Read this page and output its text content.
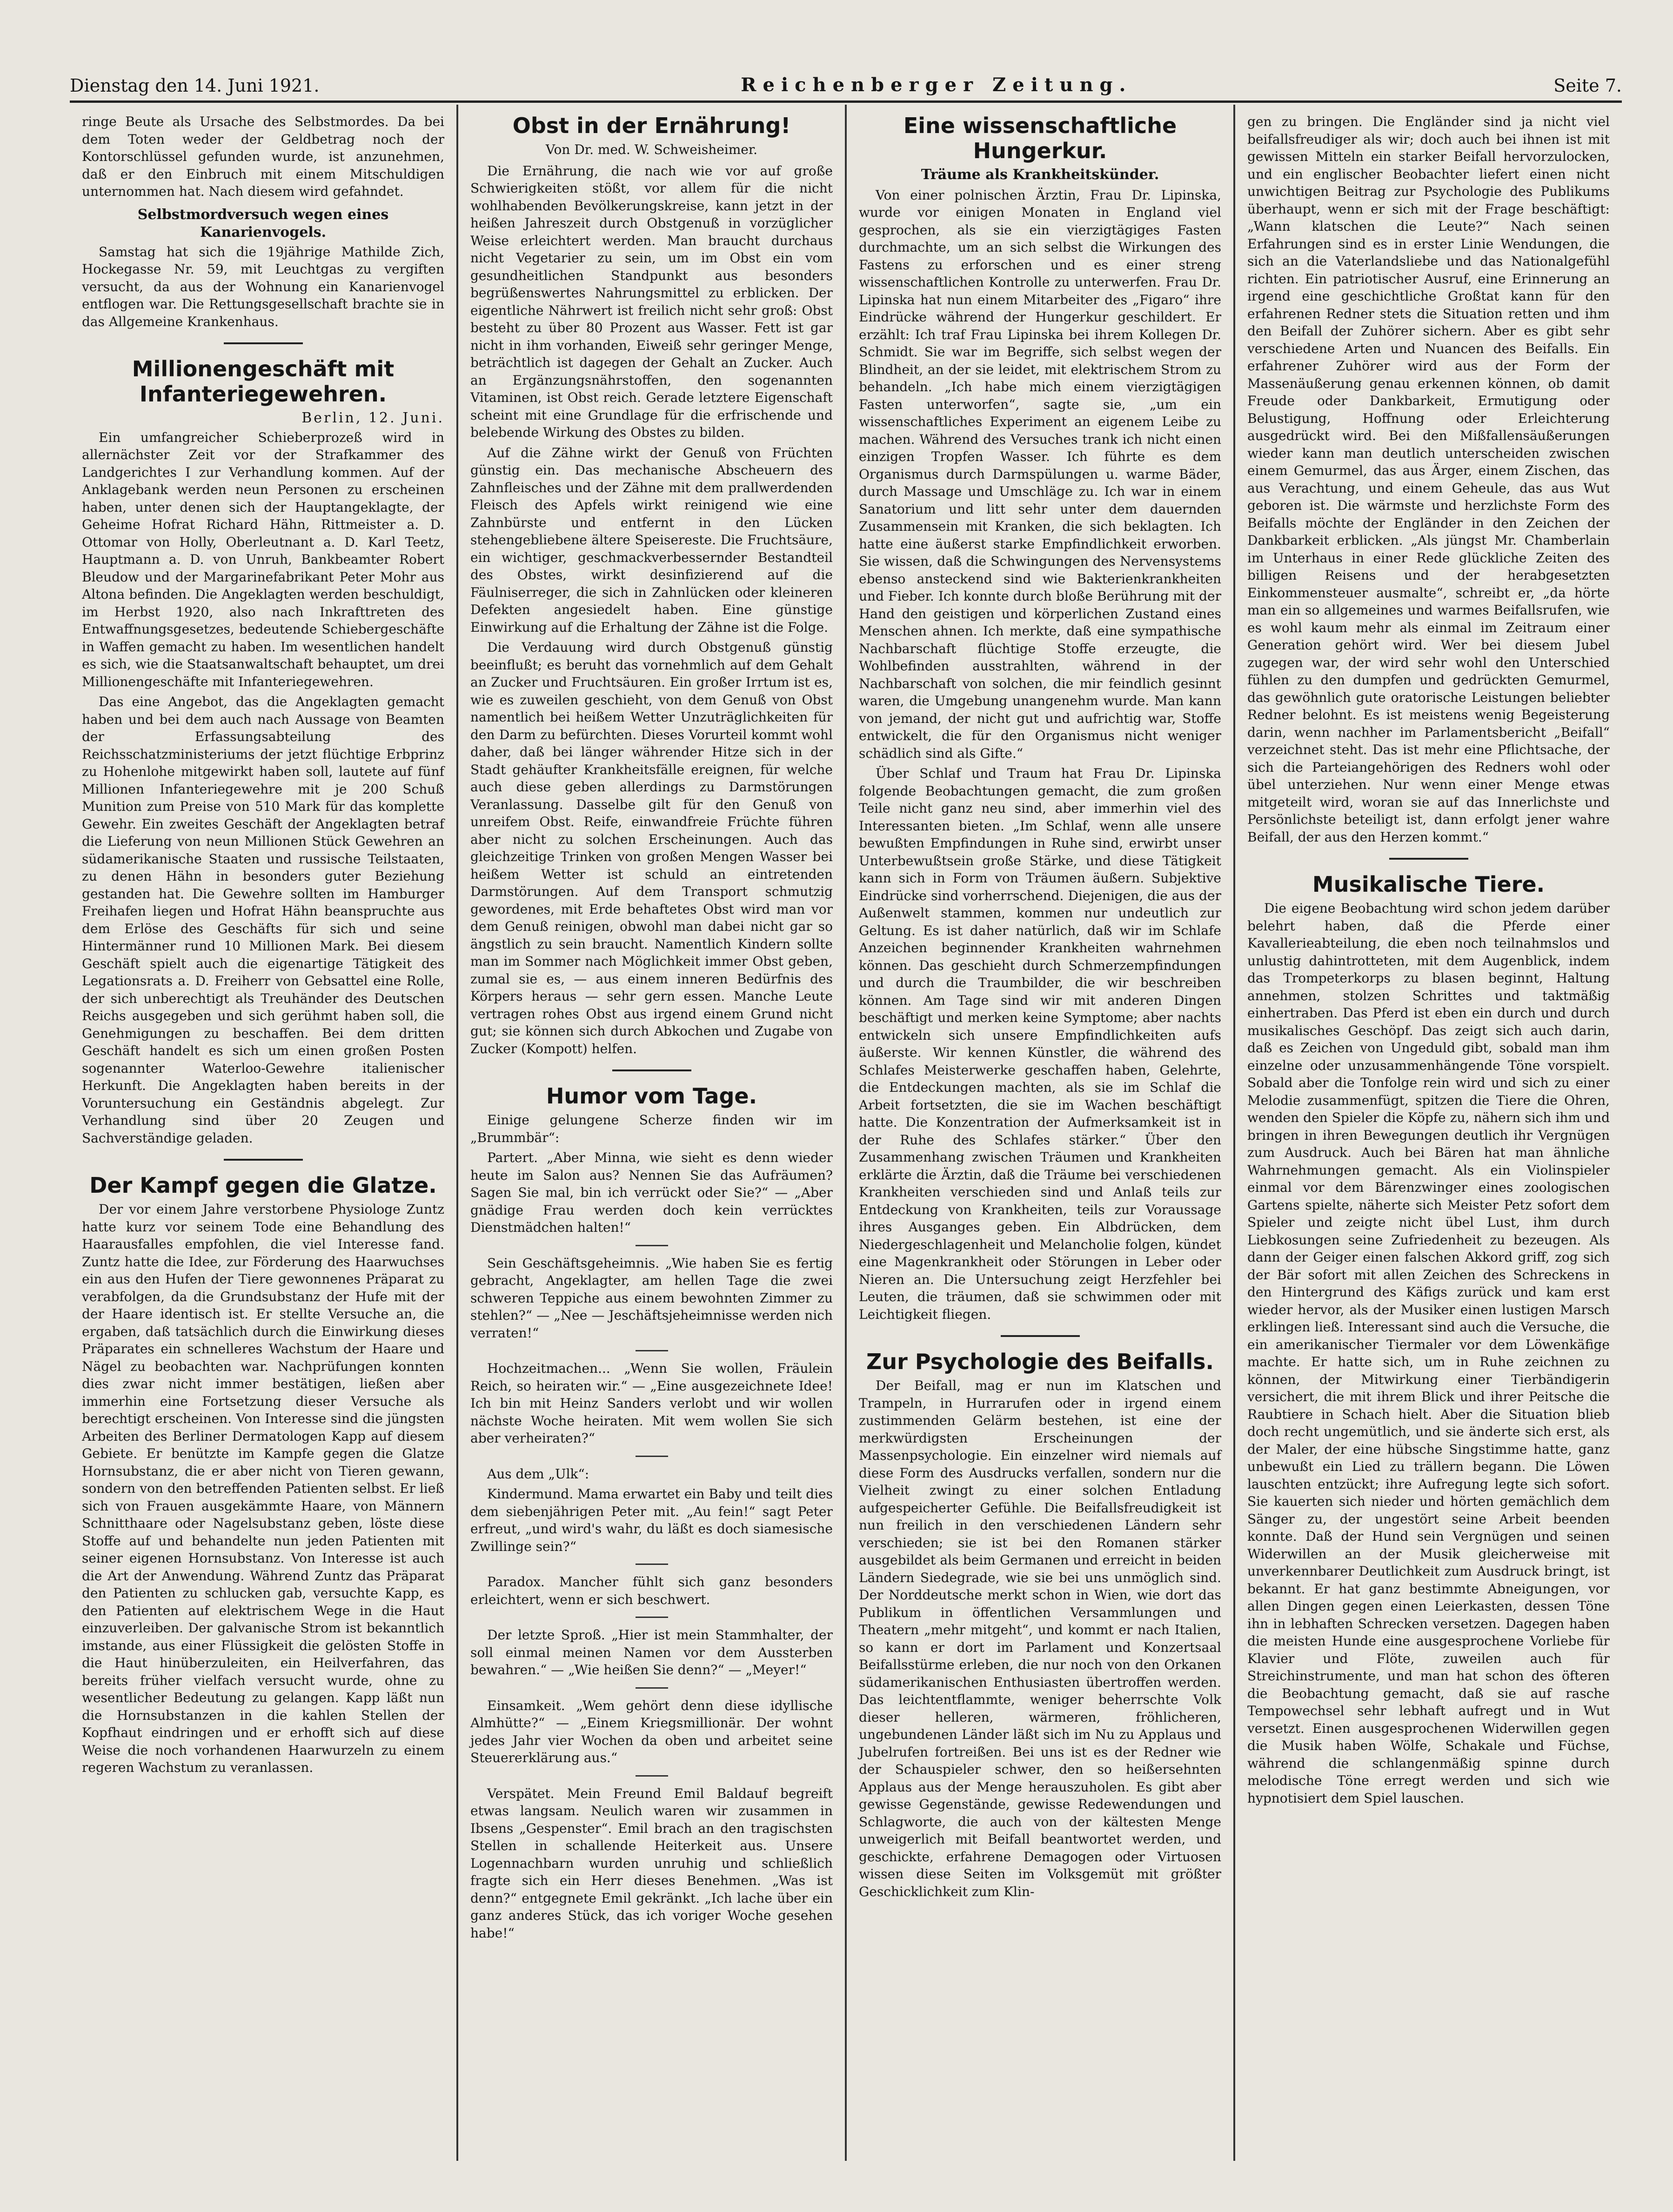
Dienstag den 14. Juni 1921.	Reichenberger Zeitung.	Seite 7.

ringe Beute als Ursache des Selbstmordes. Da bei dem Toten weder der Geldbetrag noch der Kontorschlüssel gefunden wurde, ist anzunehmen, daß er den Einbruch mit einem Mitschuldigen unternommen hat. Nach diesem wird gefahndet.

Selbstmordversuch wegen eines Kanarienvogels.

Samstag hat sich die 19jährige Mathilde Zich, Hockegasse Nr. 59, mit Leuchtgas zu vergiften versucht, da aus der Wohnung ein Kanarienvogel entflogen war. Die Rettungsgesellschaft brachte sie in das Allgemeine Krankenhaus.

Millionengeschäft mit Infanteriegewehren.
Berlin, 12. Juni.

Ein umfangreicher Schieberprozeß wird in allernächster Zeit vor der Strafkammer des Landgerichtes I zur Verhandlung kommen. Auf der Anklagebank werden neun Personen zu erscheinen haben, unter denen sich der Hauptangeklagte, der Geheime Hofrat Richard Hähn, Rittmeister a. D. Ottomar von Holly, Oberleutnant a. D. Karl Teetz, Hauptmann a. D. von Unruh, Bankbeamter Robert Bleudow und der Margarinefabrikant Peter Mohr aus Altona befinden. Die Angeklagten werden beschuldigt, im Herbst 1920, also nach Inkrafttreten des Entwaffnungsgesetzes, bedeutende Schiebergeschäfte in Waffen gemacht zu haben. Im wesentlichen handelt es sich, wie die Staatsanwaltschaft behauptet, um drei Millionengeschäfte mit Infanteriegewehren.

Das eine Angebot, das die Angeklagten gemacht haben und bei dem auch nach Aussage von Beamten der Erfassungsabteilung des Reichsschatzministeriums der jetzt flüchtige Erbprinz zu Hohenlohe mitgewirkt haben soll, lautete auf fünf Millionen Infanteriegewehre mit je 200 Schuß Munition zum Preise von 510 Mark für das komplette Gewehr. Ein zweites Geschäft der Angeklagten betraf die Lieferung von neun Millionen Stück Gewehren an südamerikanische Staaten und russische Teilstaaten, zu denen Hähn in besonders guter Beziehung gestanden hat. Die Gewehre sollten im Hamburger Freihafen liegen und Hofrat Hähn beanspruchte aus dem Erlöse des Geschäfts für sich und seine Hintermänner rund 10 Millionen Mark. Bei diesem Geschäft spielt auch die eigenartige Tätigkeit des Legationsrats a. D. Freiherr von Gebsattel eine Rolle, der sich unberechtigt als Treuhänder des Deutschen Reichs ausgegeben und sich gerühmt haben soll, die Genehmigungen zu beschaffen. Bei dem dritten Geschäft handelt es sich um einen großen Posten sogenannter Waterloo-Gewehre italienischer Herkunft. Die Angeklagten haben bereits in der Voruntersuchung ein Geständnis abgelegt. Zur Verhandlung sind über 20 Zeugen und Sachverständige geladen.

Der Kampf gegen die Glatze.

Der vor einem Jahre verstorbene Physiologe Zuntz hatte kurz vor seinem Tode eine Behandlung des Haarausfalles empfohlen, die viel Interesse fand. Zuntz hatte die Idee, zur Förderung des Haarwuchses ein aus den Hufen der Tiere gewonnenes Präparat zu verabfolgen, da die Grundsubstanz der Hufe mit der der Haare identisch ist. Er stellte Versuche an, die ergaben, daß tatsächlich durch die Einwirkung dieses Präparates ein schnelleres Wachstum der Haare und Nägel zu beobachten war. Nachprüfungen konnten dies zwar nicht immer bestätigen, ließen aber immerhin eine Fortsetzung dieser Versuche als berechtigt erscheinen. Von Interesse sind die jüngsten Arbeiten des Berliner Dermatologen Kapp auf diesem Gebiete. Er benützte im Kampfe gegen die Glatze Hornsubstanz, die er aber nicht von Tieren gewann, sondern von den betreffenden Patienten selbst. Er ließ sich von Frauen ausgekämmte Haare, von Männern Schnitthaare oder Nagelsubstanz geben, löste diese Stoffe auf und behandelte nun jeden Patienten mit seiner eigenen Hornsubstanz. Von Interesse ist auch die Art der Anwendung. Während Zuntz das Präparat den Patienten zu schlucken gab, versuchte Kapp, es den Patienten auf elektrischem Wege in die Haut einzuverleiben. Der galvanische Strom ist bekanntlich imstande, aus einer Flüssigkeit die gelösten Stoffe in die Haut hinüberzuleiten, ein Heilverfahren, das bereits früher vielfach versucht wurde, ohne zu wesentlicher Bedeutung zu gelangen. Kapp läßt nun die Hornsubstanzen in die kahlen Stellen der Kopfhaut eindringen und er erhofft sich auf diese Weise die noch vorhandenen Haarwurzeln zu einem regeren Wachstum zu veranlassen.

Obst in der Ernährung!
Von Dr. med. W. Schweisheimer.

Die Ernährung, die nach wie vor auf große Schwierigkeiten stößt, vor allem für die nicht wohlhabenden Bevölkerungskreise, kann jetzt in der heißen Jahreszeit durch Obstgenuß in vorzüglicher Weise erleichtert werden. Man braucht durchaus nicht Vegetarier zu sein, um im Obst ein vom gesundheitlichen Standpunkt aus besonders begrüßenswertes Nahrungsmittel zu erblicken. Der eigentliche Nährwert ist freilich nicht sehr groß: Obst besteht zu über 80 Prozent aus Wasser. Fett ist gar nicht in ihm vorhanden, Eiweiß sehr geringer Menge, beträchtlich ist dagegen der Gehalt an Zucker. Auch an Ergänzungsnährstoffen, den sogenannten Vitaminen, ist Obst reich. Gerade letztere Eigenschaft scheint mit eine Grundlage für die erfrischende und belebende Wirkung des Obstes zu bilden.

Auf die Zähne wirkt der Genuß von Früchten günstig ein. Das mechanische Abscheuern des Zahnfleisches und der Zähne mit dem prallwerdenden Fleisch des Apfels wirkt reinigend wie eine Zahnbürste und entfernt in den Lücken stehengebliebene ältere Speisereste. Die Fruchtsäure, ein wichtiger, geschmackverbessernder Bestandteil des Obstes, wirkt desinfizierend auf die Fäulniserreger, die sich in Zahnlücken oder kleineren Defekten angesiedelt haben. Eine günstige Einwirkung auf die Erhaltung der Zähne ist die Folge.

Die Verdauung wird durch Obstgenuß günstig beeinflußt; es beruht das vornehmlich auf dem Gehalt an Zucker und Fruchtsäuren. Ein großer Irrtum ist es, wie es zuweilen geschieht, von dem Genuß von Obst namentlich bei heißem Wetter Unzuträglichkeiten für den Darm zu befürchten. Dieses Vorurteil kommt wohl daher, daß bei länger währender Hitze sich in der Stadt gehäufter Krankheitsfälle ereignen, für welche auch diese geben allerdings zu Darmstörungen Veranlassung. Dasselbe gilt für den Genuß von unreifem Obst. Reife, einwandfreie Früchte führen aber nicht zu solchen Erscheinungen. Auch das gleichzeitige Trinken von großen Mengen Wasser bei heißem Wetter ist schuld an eintretenden Darmstörungen. Auf dem Transport schmutzig gewordenes, mit Erde behaftetes Obst wird man vor dem Genuß reinigen, obwohl man dabei nicht gar so ängstlich zu sein braucht. Namentlich Kindern sollte man im Sommer nach Möglichkeit immer Obst geben, zumal sie es, — aus einem inneren Bedürfnis des Körpers heraus — sehr gern essen. Manche Leute vertragen rohes Obst aus irgend einem Grund nicht gut; sie können sich durch Abkochen und Zugabe von Zucker (Kompott) helfen.

Humor vom Tage.

Einige gelungene Scherze finden wir im „Brummbär“:

Partert. „Aber Minna, wie sieht es denn wieder heute im Salon aus? Nennen Sie das Aufräumen? Sagen Sie mal, bin ich verrückt oder Sie?“ — „Aber gnädige Frau werden doch kein verrücktes Dienstmädchen halten!“

Sein Geschäftsgeheimnis. „Wie haben Sie es fertig gebracht, Angeklagter, am hellen Tage die zwei schweren Teppiche aus einem bewohnten Zimmer zu stehlen?“ — „Nee — Jeschäftsjeheimnisse werden nich verraten!“

Hochzeitmachen... „Wenn Sie wollen, Fräulein Reich, so heiraten wir.“ — „Eine ausgezeichnete Idee! Ich bin mit Heinz Sanders verlobt und wir wollen nächste Woche heiraten. Mit wem wollen Sie sich aber verheiraten?“

Aus dem „Ulk“:

Kindermund. Mama erwartet ein Baby und teilt dies dem siebenjährigen Peter mit. „Au fein!“ sagt Peter erfreut, „und wird's wahr, du läßt es doch siamesische Zwillinge sein?“

Paradox. Mancher fühlt sich ganz besonders erleichtert, wenn er sich beschwert.

Der letzte Sproß. „Hier ist mein Stammhalter, der soll einmal meinen Namen vor dem Aussterben bewahren.“ — „Wie heißen Sie denn?“ — „Meyer!“

Einsamkeit. „Wem gehört denn diese idyllische Almhütte?“ — „Einem Kriegsmillionär. Der wohnt jedes Jahr vier Wochen da oben und arbeitet seine Steuererklärung aus.“

Verspätet. Mein Freund Emil Baldauf begreift etwas langsam. Neulich waren wir zusammen in Ibsens „Gespenster“. Emil brach an den tragischsten Stellen in schallende Heiterkeit aus. Unsere Logennachbarn wurden unruhig und schließlich fragte sich ein Herr dieses Benehmen. „Was ist denn?“ entgegnete Emil gekränkt. „Ich lache über ein ganz anderes Stück, das ich voriger Woche gesehen habe!“

Eine wissenschaftliche Hungerkur.
Träume als Krankheitskünder.

Von einer polnischen Ärztin, Frau Dr. Lipinska, wurde vor einigen Monaten in England viel gesprochen, als sie ein vierzigtägiges Fasten durchmachte, um an sich selbst die Wirkungen des Fastens zu erforschen und es einer streng wissenschaftlichen Kontrolle zu unterwerfen. Frau Dr. Lipinska hat nun einem Mitarbeiter des „Figaro“ ihre Eindrücke während der Hungerkur geschildert. Er erzählt: Ich traf Frau Lipinska bei ihrem Kollegen Dr. Schmidt. Sie war im Begriffe, sich selbst wegen der Blindheit, an der sie leidet, mit elektrischem Strom zu behandeln. „Ich habe mich einem vierzigtägigen Fasten unterworfen“, sagte sie, „um ein wissenschaftliches Experiment an eigenem Leibe zu machen. Während des Versuches trank ich nicht einen einzigen Tropfen Wasser. Ich führte es dem Organismus durch Darmspülungen u. warme Bäder, durch Massage und Umschläge zu. Ich war in einem Sanatorium und litt sehr unter dem dauernden Zusammensein mit Kranken, die sich beklagten. Ich hatte eine äußerst starke Empfindlichkeit erworben. Sie wissen, daß die Schwingungen des Nervensystems ebenso ansteckend sind wie Bakterienkrankheiten und Fieber. Ich konnte durch bloße Berührung mit der Hand den geistigen und körperlichen Zustand eines Menschen ahnen. Ich merkte, daß eine sympathische Nachbarschaft flüchtige Stoffe erzeugte, die Wohlbefinden ausstrahlten, während in der Nachbarschaft von solchen, die mir feindlich gesinnt waren, die Umgebung unangenehm wurde. Man kann von jemand, der nicht gut und aufrichtig war, Stoffe entwickelt, die für den Organismus nicht weniger schädlich sind als Gifte.“

Über Schlaf und Traum hat Frau Dr. Lipinska folgende Beobachtungen gemacht, die zum großen Teile nicht ganz neu sind, aber immerhin viel des Interessanten bieten. „Im Schlaf, wenn alle unsere bewußten Empfindungen in Ruhe sind, erwirbt unser Unterbewußtsein große Stärke, und diese Tätigkeit kann sich in Form von Träumen äußern. Subjektive Eindrücke sind vorherrschend. Diejenigen, die aus der Außenwelt stammen, kommen nur undeutlich zur Geltung. Es ist daher natürlich, daß wir im Schlafe Anzeichen beginnender Krankheiten wahrnehmen können. Das geschieht durch Schmerzempfindungen und durch die Traumbilder, die wir beschreiben können. Am Tage sind wir mit anderen Dingen beschäftigt und merken keine Symptome; aber nachts entwickeln sich unsere Empfindlichkeiten aufs äußerste. Wir kennen Künstler, die während des Schlafes Meisterwerke geschaffen haben, Gelehrte, die Entdeckungen machten, als sie im Schlaf die Arbeit fortsetzten, die sie im Wachen beschäftigt hatte. Die Konzentration der Aufmerksamkeit ist in der Ruhe des Schlafes stärker.“ Über den Zusammenhang zwischen Träumen und Krankheiten erklärte die Ärztin, daß die Träume bei verschiedenen Krankheiten verschieden sind und Anlaß teils zur Entdeckung von Krankheiten, teils zur Voraussage ihres Ausganges geben. Ein Albdrücken, dem Niedergeschlagenheit und Melancholie folgen, kündet eine Magenkrankheit oder Störungen in Leber oder Nieren an. Die Untersuchung zeigt Herzfehler bei Leuten, die träumen, daß sie schwimmen oder mit Leichtigkeit fliegen.

Zur Psychologie des Beifalls.

Der Beifall, mag er nun im Klatschen und Trampeln, in Hurrarufen oder in irgend einem zustimmenden Gelärm bestehen, ist eine der merkwürdigsten Erscheinungen der Massenpsychologie. Ein einzelner wird niemals auf diese Form des Ausdrucks verfallen, sondern nur die Vielheit zwingt zu einer solchen Entladung aufgespeicherter Gefühle. Die Beifallsfreudigkeit ist nun freilich in den verschiedenen Ländern sehr verschieden; sie ist bei den Romanen stärker ausgebildet als beim Germanen und erreicht in beiden Ländern Siedegrade, wie sie bei uns unmöglich sind. Der Norddeutsche merkt schon in Wien, wie dort das Publikum in öffentlichen Versammlungen und Theatern „mehr mitgeht“, und kommt er nach Italien, so kann er dort im Parlament und Konzertsaal Beifallsstürme erleben, die nur noch von den Orkanen südamerikanischen Enthusiasten übertroffen werden. Das leichtentflammte, weniger beherrschte Volk dieser helleren, wärmeren, fröhlicheren, ungebundenen Länder läßt sich im Nu zu Applaus und Jubelrufen fortreißen. Bei uns ist es der Redner wie der Schauspieler schwer, den so heißersehnten Applaus aus der Menge herauszuholen. Es gibt aber gewisse Gegenstände, gewisse Redewendungen und Schlagworte, die auch von der kältesten Menge unweigerlich mit Beifall beantwortet werden, und geschickte, erfahrene Demagogen oder Virtuosen wissen diese Seiten im Volksgemüt mit größter Geschicklichkeit zum Klin-

gen zu bringen. Die Engländer sind ja nicht viel beifallsfreudiger als wir; doch auch bei ihnen ist mit gewissen Mitteln ein starker Beifall hervorzulocken, und ein englischer Beobachter liefert einen nicht unwichtigen Beitrag zur Psychologie des Publikums überhaupt, wenn er sich mit der Frage beschäftigt: „Wann klatschen die Leute?“ Nach seinen Erfahrungen sind es in erster Linie Wendungen, die sich an die Vaterlandsliebe und das Nationalgefühl richten. Ein patriotischer Ausruf, eine Erinnerung an irgend eine geschichtliche Großtat kann für den erfahrenen Redner stets die Situation retten und ihm den Beifall der Zuhörer sichern. Aber es gibt sehr verschiedene Arten und Nuancen des Beifalls. Ein erfahrener Zuhörer wird aus der Form der Massenäußerung genau erkennen können, ob damit Freude oder Dankbarkeit, Ermutigung oder Belustigung, Hoffnung oder Erleichterung ausgedrückt wird. Bei den Mißfallensäußerungen wieder kann man deutlich unterscheiden zwischen einem Gemurmel, das aus Ärger, einem Zischen, das aus Verachtung, und einem Geheule, das aus Wut geboren ist. Die wärmste und herzlichste Form des Beifalls möchte der Engländer in den Zeichen der Dankbarkeit erblicken. „Als jüngst Mr. Chamberlain im Unterhaus in einer Rede glückliche Zeiten des billigen Reisens und der herabgesetzten Einkommensteuer ausmalte“, schreibt er, „da hörte man ein so allgemeines und warmes Beifallsrufen, wie es wohl kaum mehr als einmal im Zeitraum einer Generation gehört wird. Wer bei diesem Jubel zugegen war, der wird sehr wohl den Unterschied fühlen zu den dumpfen und gedrückten Gemurmel, das gewöhnlich gute oratorische Leistungen beliebter Redner belohnt. Es ist meistens wenig Begeisterung darin, wenn nachher im Parlamentsbericht „Beifall“ verzeichnet steht. Das ist mehr eine Pflichtsache, der sich die Parteiangehörigen des Redners wohl oder übel unterziehen. Nur wenn einer Menge etwas mitgeteilt wird, woran sie auf das Innerlichste und Persönlichste beteiligt ist, dann erfolgt jener wahre Beifall, der aus den Herzen kommt.“

Musikalische Tiere.

Die eigene Beobachtung wird schon jedem darüber belehrt haben, daß die Pferde einer Kavallerieabteilung, die eben noch teilnahmslos und unlustig dahintrotteten, mit dem Augenblick, indem das Trompeterkorps zu blasen beginnt, Haltung annehmen, stolzen Schrittes und taktmäßig einhertraben. Das Pferd ist eben ein durch und durch musikalisches Geschöpf. Das zeigt sich auch darin, daß es Zeichen von Ungeduld gibt, sobald man ihm einzelne oder unzusammenhängende Töne vorspielt. Sobald aber die Tonfolge rein wird und sich zu einer Melodie zusammenfügt, spitzen die Tiere die Ohren, wenden den Spieler die Köpfe zu, nähern sich ihm und bringen in ihren Bewegungen deutlich ihr Vergnügen zum Ausdruck. Auch bei Bären hat man ähnliche Wahrnehmungen gemacht. Als ein Violinspieler einmal vor dem Bärenzwinger eines zoologischen Gartens spielte, näherte sich Meister Petz sofort dem Spieler und zeigte nicht übel Lust, ihm durch Liebkosungen seine Zufriedenheit zu bezeugen. Als dann der Geiger einen falschen Akkord griff, zog sich der Bär sofort mit allen Zeichen des Schreckens in den Hintergrund des Käfigs zurück und kam erst wieder hervor, als der Musiker einen lustigen Marsch erklingen ließ. Interessant sind auch die Versuche, die ein amerikanischer Tiermaler vor dem Löwenkäfige machte. Er hatte sich, um in Ruhe zeichnen zu können, der Mitwirkung einer Tierbändigerin versichert, die mit ihrem Blick und ihrer Peitsche die Raubtiere in Schach hielt. Aber die Situation blieb doch recht ungemütlich, und sie änderte sich erst, als der Maler, der eine hübsche Singstimme hatte, ganz unbewußt ein Lied zu trällern begann. Die Löwen lauschten entzückt; ihre Aufregung legte sich sofort. Sie kauerten sich nieder und hörten gemächlich dem Sänger zu, der ungestört seine Arbeit beenden konnte. Daß der Hund sein Vergnügen und seinen Widerwillen an der Musik gleicherweise mit unverkennbarer Deutlichkeit zum Ausdruck bringt, ist bekannt. Er hat ganz bestimmte Abneigungen, vor allen Dingen gegen einen Leierkasten, dessen Töne ihn in lebhaften Schrecken versetzen. Dagegen haben die meisten Hunde eine ausgesprochene Vorliebe für Klavier und Flöte, zuweilen auch für Streichinstrumente, und man hat schon des öfteren die Beobachtung gemacht, daß sie auf rasche Tempowechsel sehr lebhaft aufregt und in Wut versetzt. Einen ausgesprochenen Widerwillen gegen die Musik haben Wölfe, Schakale und Füchse, während die schlangenmäßig spinne durch melodische Töne erregt werden und sich wie hypnotisiert dem Spiel lauschen.
